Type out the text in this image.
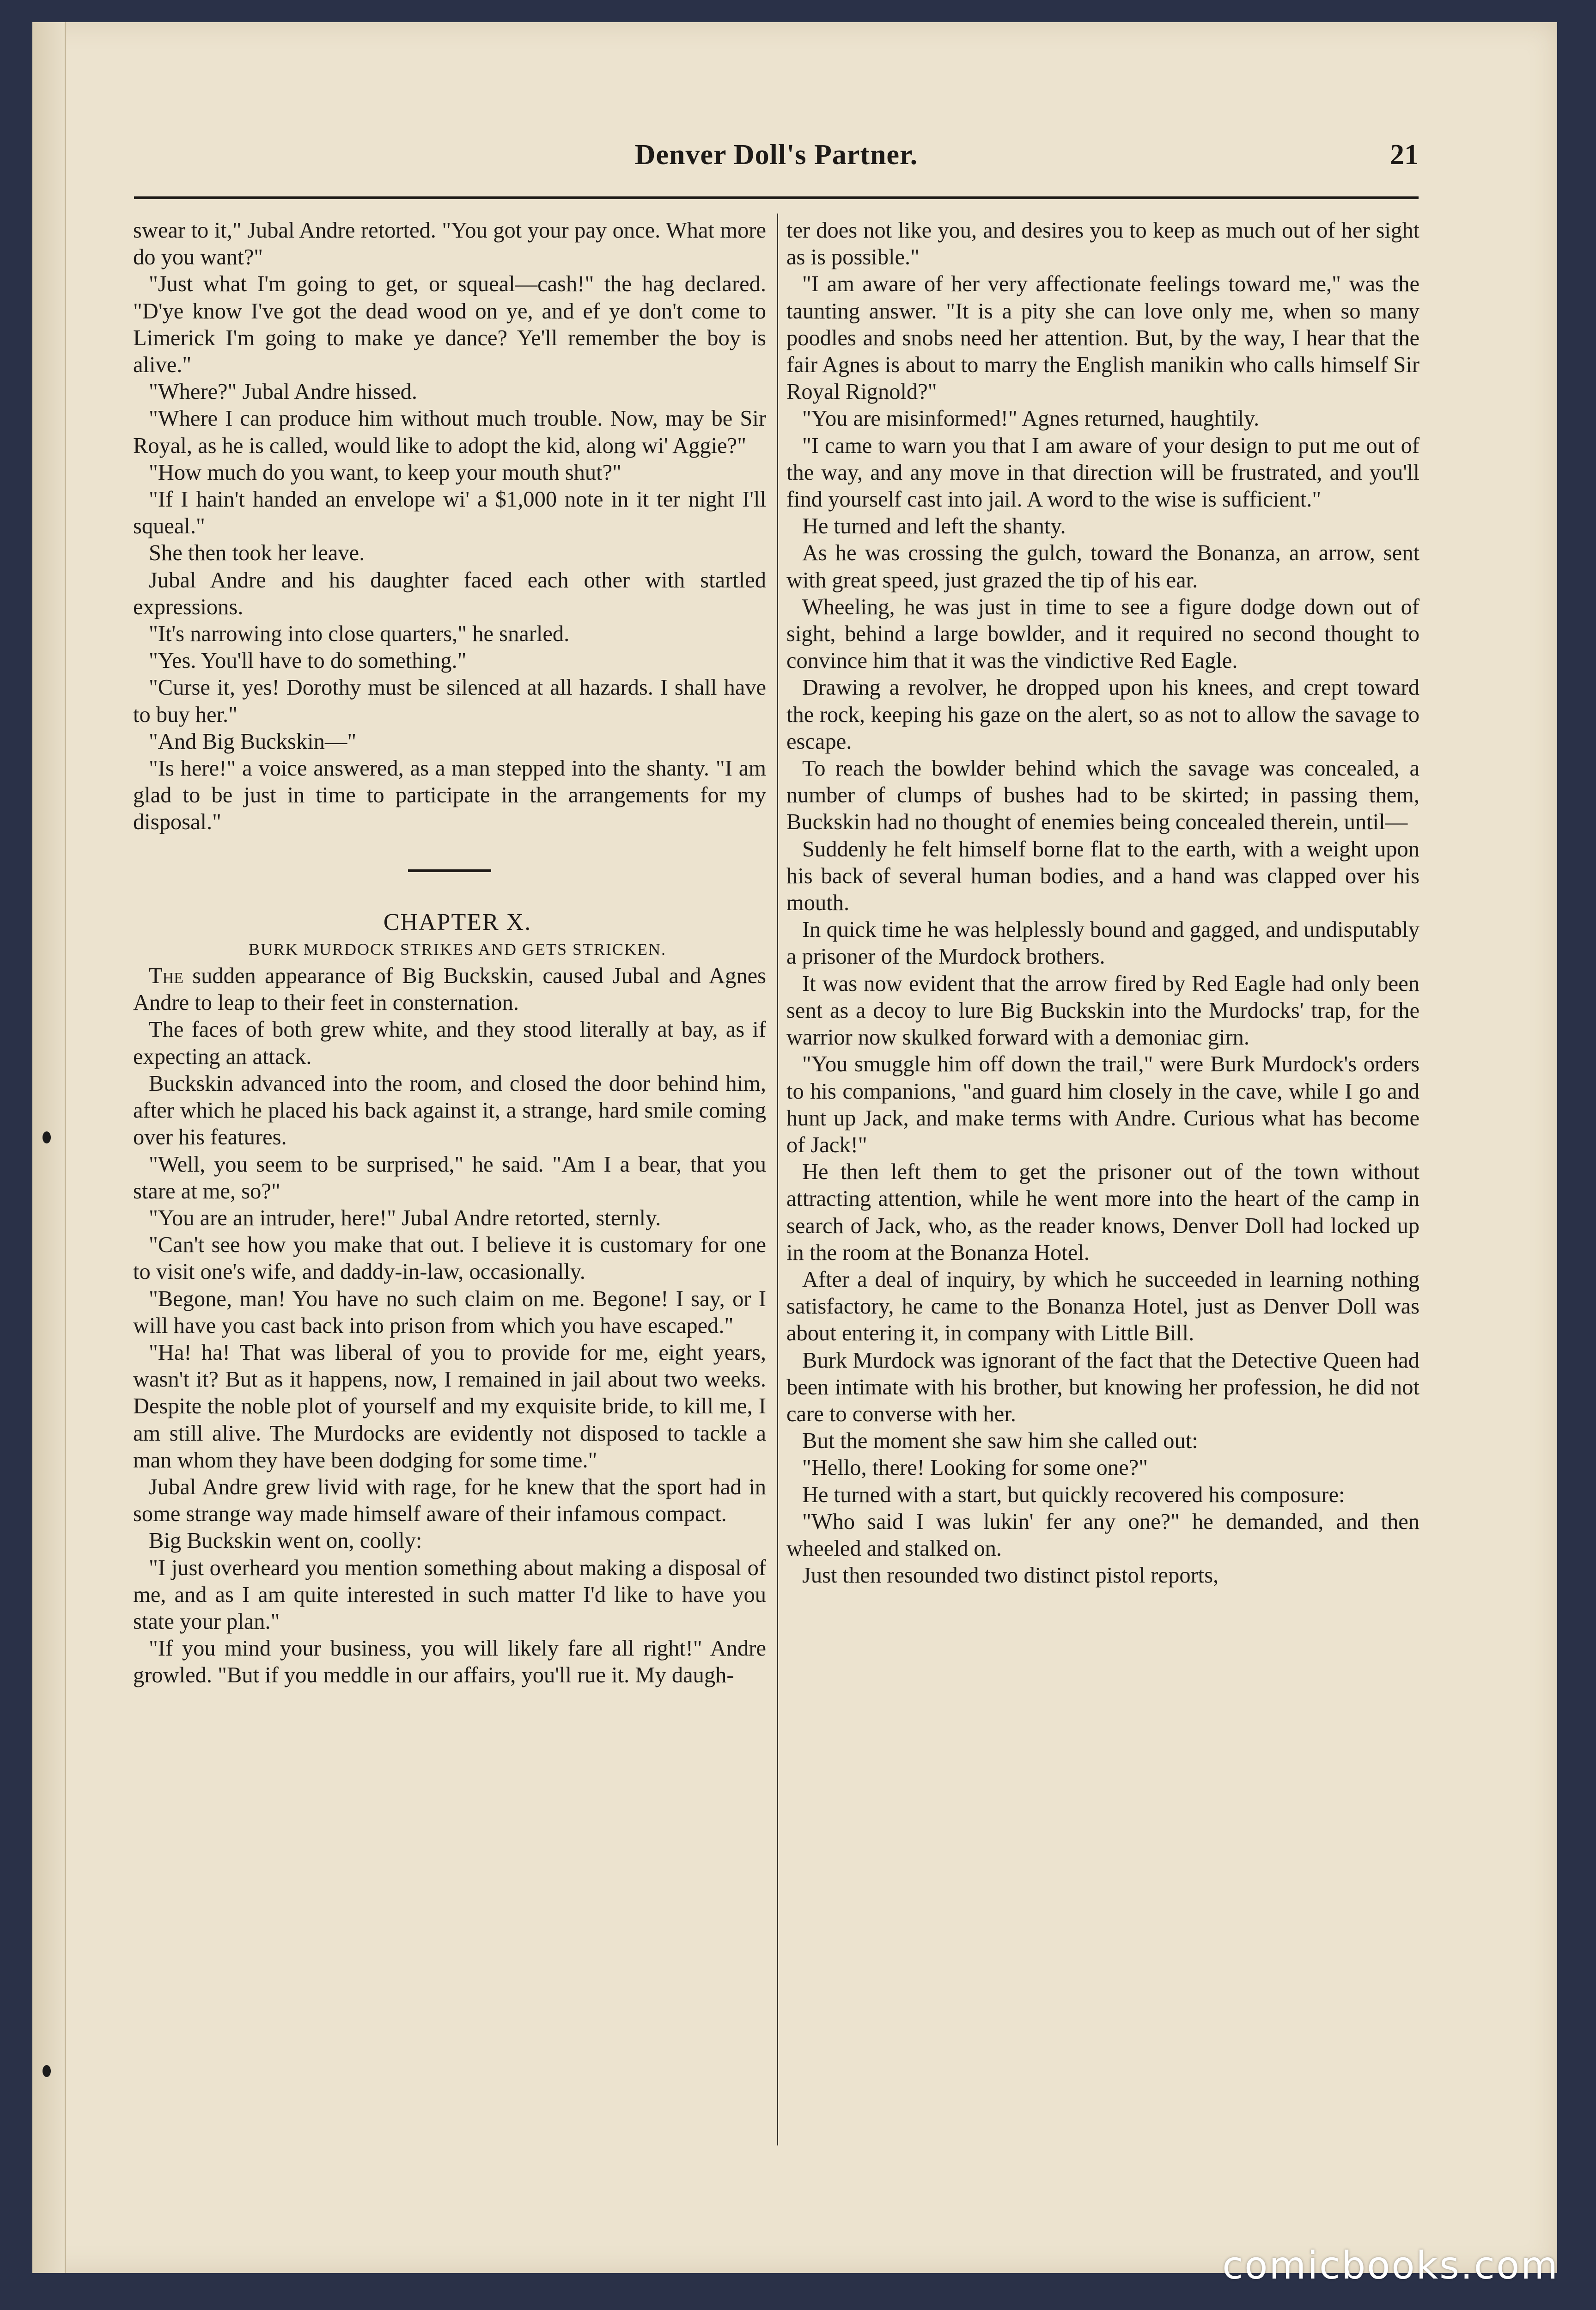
Denver Doll's Partner.	21

swear to it," Jubal Andre retorted. "You got your pay once. What more do you want?"

"Just what I'm going to get, or squeal—cash!" the hag declared. "D'ye know I've got the dead wood on ye, and ef ye don't come to Limerick I'm going to make ye dance? Ye'll remember the boy is alive."

"Where?" Jubal Andre hissed.

"Where I can produce him without much trouble. Now, may be Sir Royal, as he is called, would like to adopt the kid, along wi' Aggie?"

"How much do you want, to keep your mouth shut?"

"If I hain't handed an envelope wi' a $1,000 note in it ter night I'll squeal."

She then took her leave.

Jubal Andre and his daughter faced each other with startled expressions.

"It's narrowing into close quarters," he snarled.

"Yes. You'll have to do something."

"Curse it, yes! Dorothy must be silenced at all hazards. I shall have to buy her."

"And Big Buckskin—"

"Is here!" a voice answered, as a man stepped into the shanty. "I am glad to be just in time to participate in the arrangements for my disposal."

CHAPTER X.

BURK MURDOCK STRIKES AND GETS STRICKEN.

The sudden appearance of Big Buckskin, caused Jubal and Agnes Andre to leap to their feet in consternation.

The faces of both grew white, and they stood literally at bay, as if expecting an attack.

Buckskin advanced into the room, and closed the door behind him, after which he placed his back against it, a strange, hard smile coming over his features.

"Well, you seem to be surprised," he said. "Am I a bear, that you stare at me, so?"

"You are an intruder, here!" Jubal Andre retorted, sternly.

"Can't see how you make that out. I believe it is customary for one to visit one's wife, and daddy-in-law, occasionally.

"Begone, man! You have no such claim on me. Begone! I say, or I will have you cast back into prison from which you have escaped."

"Ha! ha! That was liberal of you to provide for me, eight years, wasn't it? But as it happens, now, I remained in jail about two weeks. Despite the noble plot of yourself and my exquisite bride, to kill me, I am still alive. The Murdocks are evidently not disposed to tackle a man whom they have been dodging for some time."

Jubal Andre grew livid with rage, for he knew that the sport had in some strange way made himself aware of their infamous compact.

Big Buckskin went on, coolly:

"I just overheard you mention something about making a disposal of me, and as I am quite interested in such matter I'd like to have you state your plan."

"If you mind your business, you will likely fare all right!" Andre growled. "But if you meddle in our affairs, you'll rue it. My daugh-

ter does not like you, and desires you to keep as much out of her sight as is possible."

"I am aware of her very affectionate feelings toward me," was the taunting answer. "It is a pity she can love only me, when so many poodles and snobs need her attention. But, by the way, I hear that the fair Agnes is about to marry the English manikin who calls himself Sir Royal Rignold?"

"You are misinformed!" Agnes returned, haughtily.

"I came to warn you that I am aware of your design to put me out of the way, and any move in that direction will be frustrated, and you'll find yourself cast into jail. A word to the wise is sufficient."

He turned and left the shanty.

As he was crossing the gulch, toward the Bonanza, an arrow, sent with great speed, just grazed the tip of his ear.

Wheeling, he was just in time to see a figure dodge down out of sight, behind a large bowlder, and it required no second thought to convince him that it was the vindictive Red Eagle.

Drawing a revolver, he dropped upon his knees, and crept toward the rock, keeping his gaze on the alert, so as not to allow the savage to escape.

To reach the bowlder behind which the savage was concealed, a number of clumps of bushes had to be skirted; in passing them, Buckskin had no thought of enemies being concealed therein, until—

Suddenly he felt himself borne flat to the earth, with a weight upon his back of several human bodies, and a hand was clapped over his mouth.

In quick time he was helplessly bound and gagged, and undisputably a prisoner of the Murdock brothers.

It was now evident that the arrow fired by Red Eagle had only been sent as a decoy to lure Big Buckskin into the Murdocks' trap, for the warrior now skulked forward with a demoniac girn.

"You smuggle him off down the trail," were Burk Murdock's orders to his companions, "and guard him closely in the cave, while I go and hunt up Jack, and make terms with Andre. Curious what has become of Jack!"

He then left them to get the prisoner out of the town without attracting attention, while he went more into the heart of the camp in search of Jack, who, as the reader knows, Denver Doll had locked up in the room at the Bonanza Hotel.

After a deal of inquiry, by which he succeeded in learning nothing satisfactory, he came to the Bonanza Hotel, just as Denver Doll was about entering it, in company with Little Bill.

Burk Murdock was ignorant of the fact that the Detective Queen had been intimate with his brother, but knowing her profession, he did not care to converse with her.

But the moment she saw him she called out:

"Hello, there! Looking for some one?"

He turned with a start, but quickly recovered his composure:

"Who said I was lukin' fer any one?" he demanded, and then wheeled and stalked on.

Just then resounded two distinct pistol reports,

comicbooks.com
